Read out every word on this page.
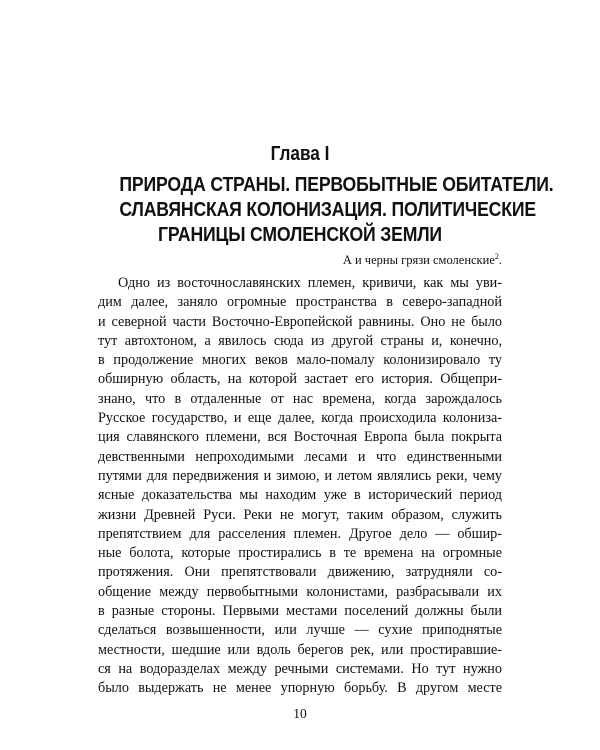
Глава I
ПРИРОДА СТРАНЫ. ПЕРВОБЫТНЫЕ ОБИТАТЕЛИ.
СЛАВЯНСКАЯ КОЛОНИЗАЦИЯ. ПОЛИТИЧЕСКИЕ
ГРАНИЦЫ СМОЛЕНСКОЙ ЗЕМЛИ
А и черны грязи смоленские$^2$.
Одно из восточнославянских племен, кривичи, как мы уви-
дим далее, заняло огромные пространства в северо-западной
и северной части Восточно-Европейской равнины. Оно не было
тут автохтоном, а явилось сюда из другой страны и, конечно,
в продолжение многих веков мало-помалу колонизировало ту
обширную область, на которой застает его история. Общепри-
знано, что в отдаленные от нас времена, когда зарождалось
Русское государство, и еще далее, когда происходила колониза-
ция славянского племени, вся Восточная Европа была покрыта
девственными непроходимыми лесами и что единственными
путями для передвижения и зимою, и летом являлись реки, чему
ясные доказательства мы находим уже в исторический период
жизни Древней Руси. Реки не могут, таким образом, служить
препятствием для расселения племен. Другое дело — обшир-
ные болота, которые простирались в те времена на огромные
протяжения. Они препятствовали движению, затрудняли со-
общение между первобытными колонистами, разбрасывали их
в разные стороны. Первыми местами поселений должны были
сделаться возвышенности, или лучше — сухие приподнятые
местности, шедшие или вдоль берегов рек, или простиравшие-
ся на водоразделах между речными системами. Но тут нужно
было выдержать не менее упорную борьбу. В другом месте
10
